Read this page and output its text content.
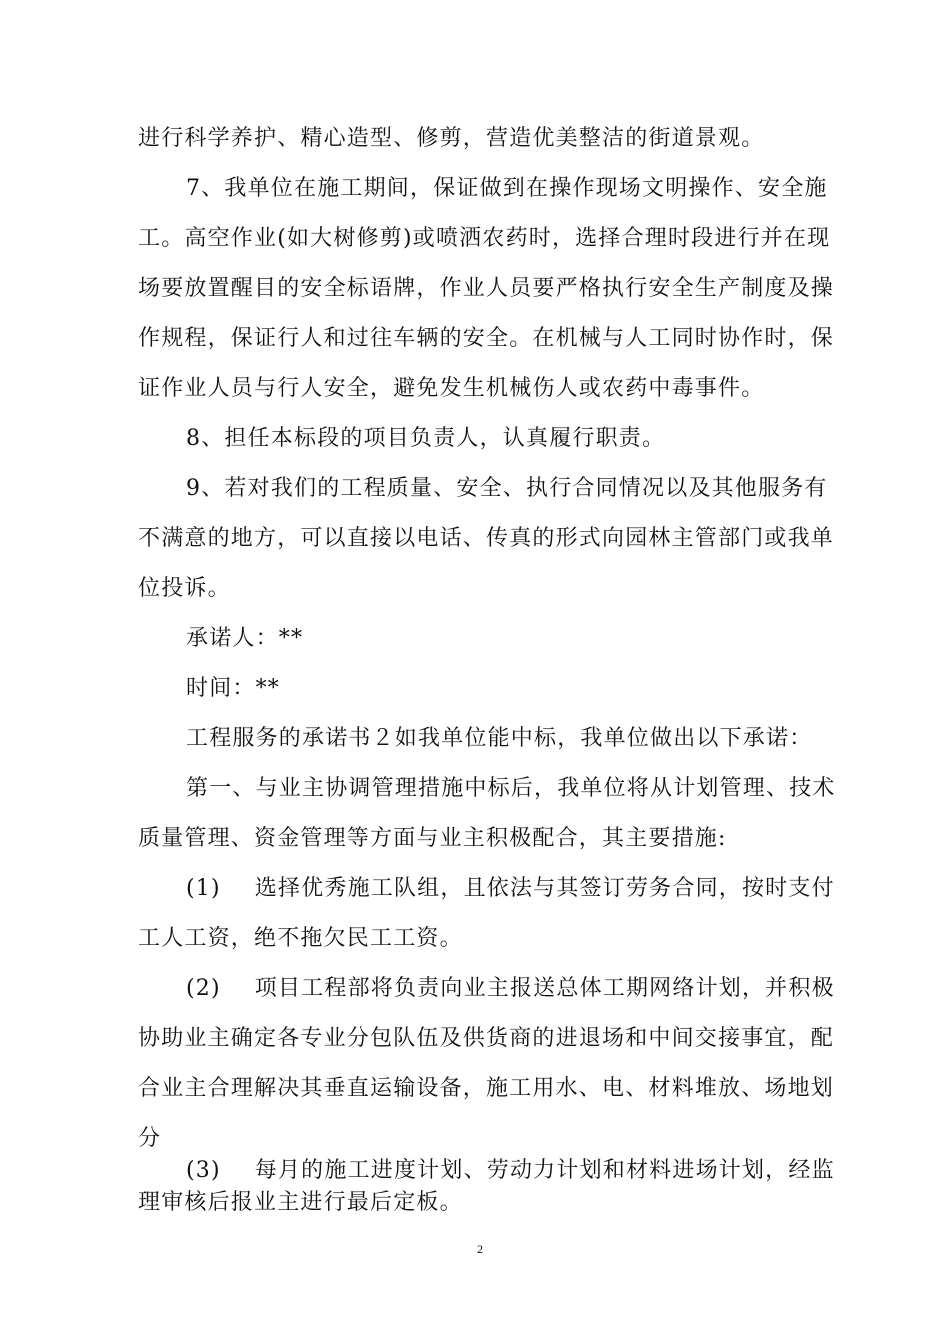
进行科学养护、精心造型、修剪，营造优美整洁的街道景观。
7、我单位在施工期间，保证做到在操作现场文明操作、安全施
工。高空作业(如大树修剪)或喷洒农药时，选择合理时段进行并在现
场要放置醒目的安全标语牌，作业人员要严格执行安全生产制度及操
作规程，保证行人和过往车辆的安全。在机械与人工同时协作时，保
证作业人员与行人安全，避免发生机械伤人或农药中毒事件。
8、担任本标段的项目负责人，认真履行职责。
9、若对我们的工程质量、安全、执行合同情况以及其他服务有
不满意的地方，可以直接以电话、传真的形式向园林主管部门或我单
位投诉。
承诺人：**
时间：**
工程服务的承诺书２如我单位能中标，我单位做出以下承诺：
第一、与业主协调管理措施中标后，我单位将从计划管理、技术
质量管理、资金管理等方面与业主积极配合，其主要措施:
(1) 选择优秀施工队组，且依法与其签订劳务合同，按时支付
工人工资，绝不拖欠民工工资。
(2) 项目工程部将负责向业主报送总体工期网络计划，并积极
协助业主确定各专业分包队伍及供货商的进退场和中间交接事宜，配
合业主合理解决其垂直运输设备，施工用水、电、材料堆放、场地划
分
(3) 每月的施工进度计划、劳动力计划和材料进场计划，经监
理审核后报业主进行最后定板。
2
